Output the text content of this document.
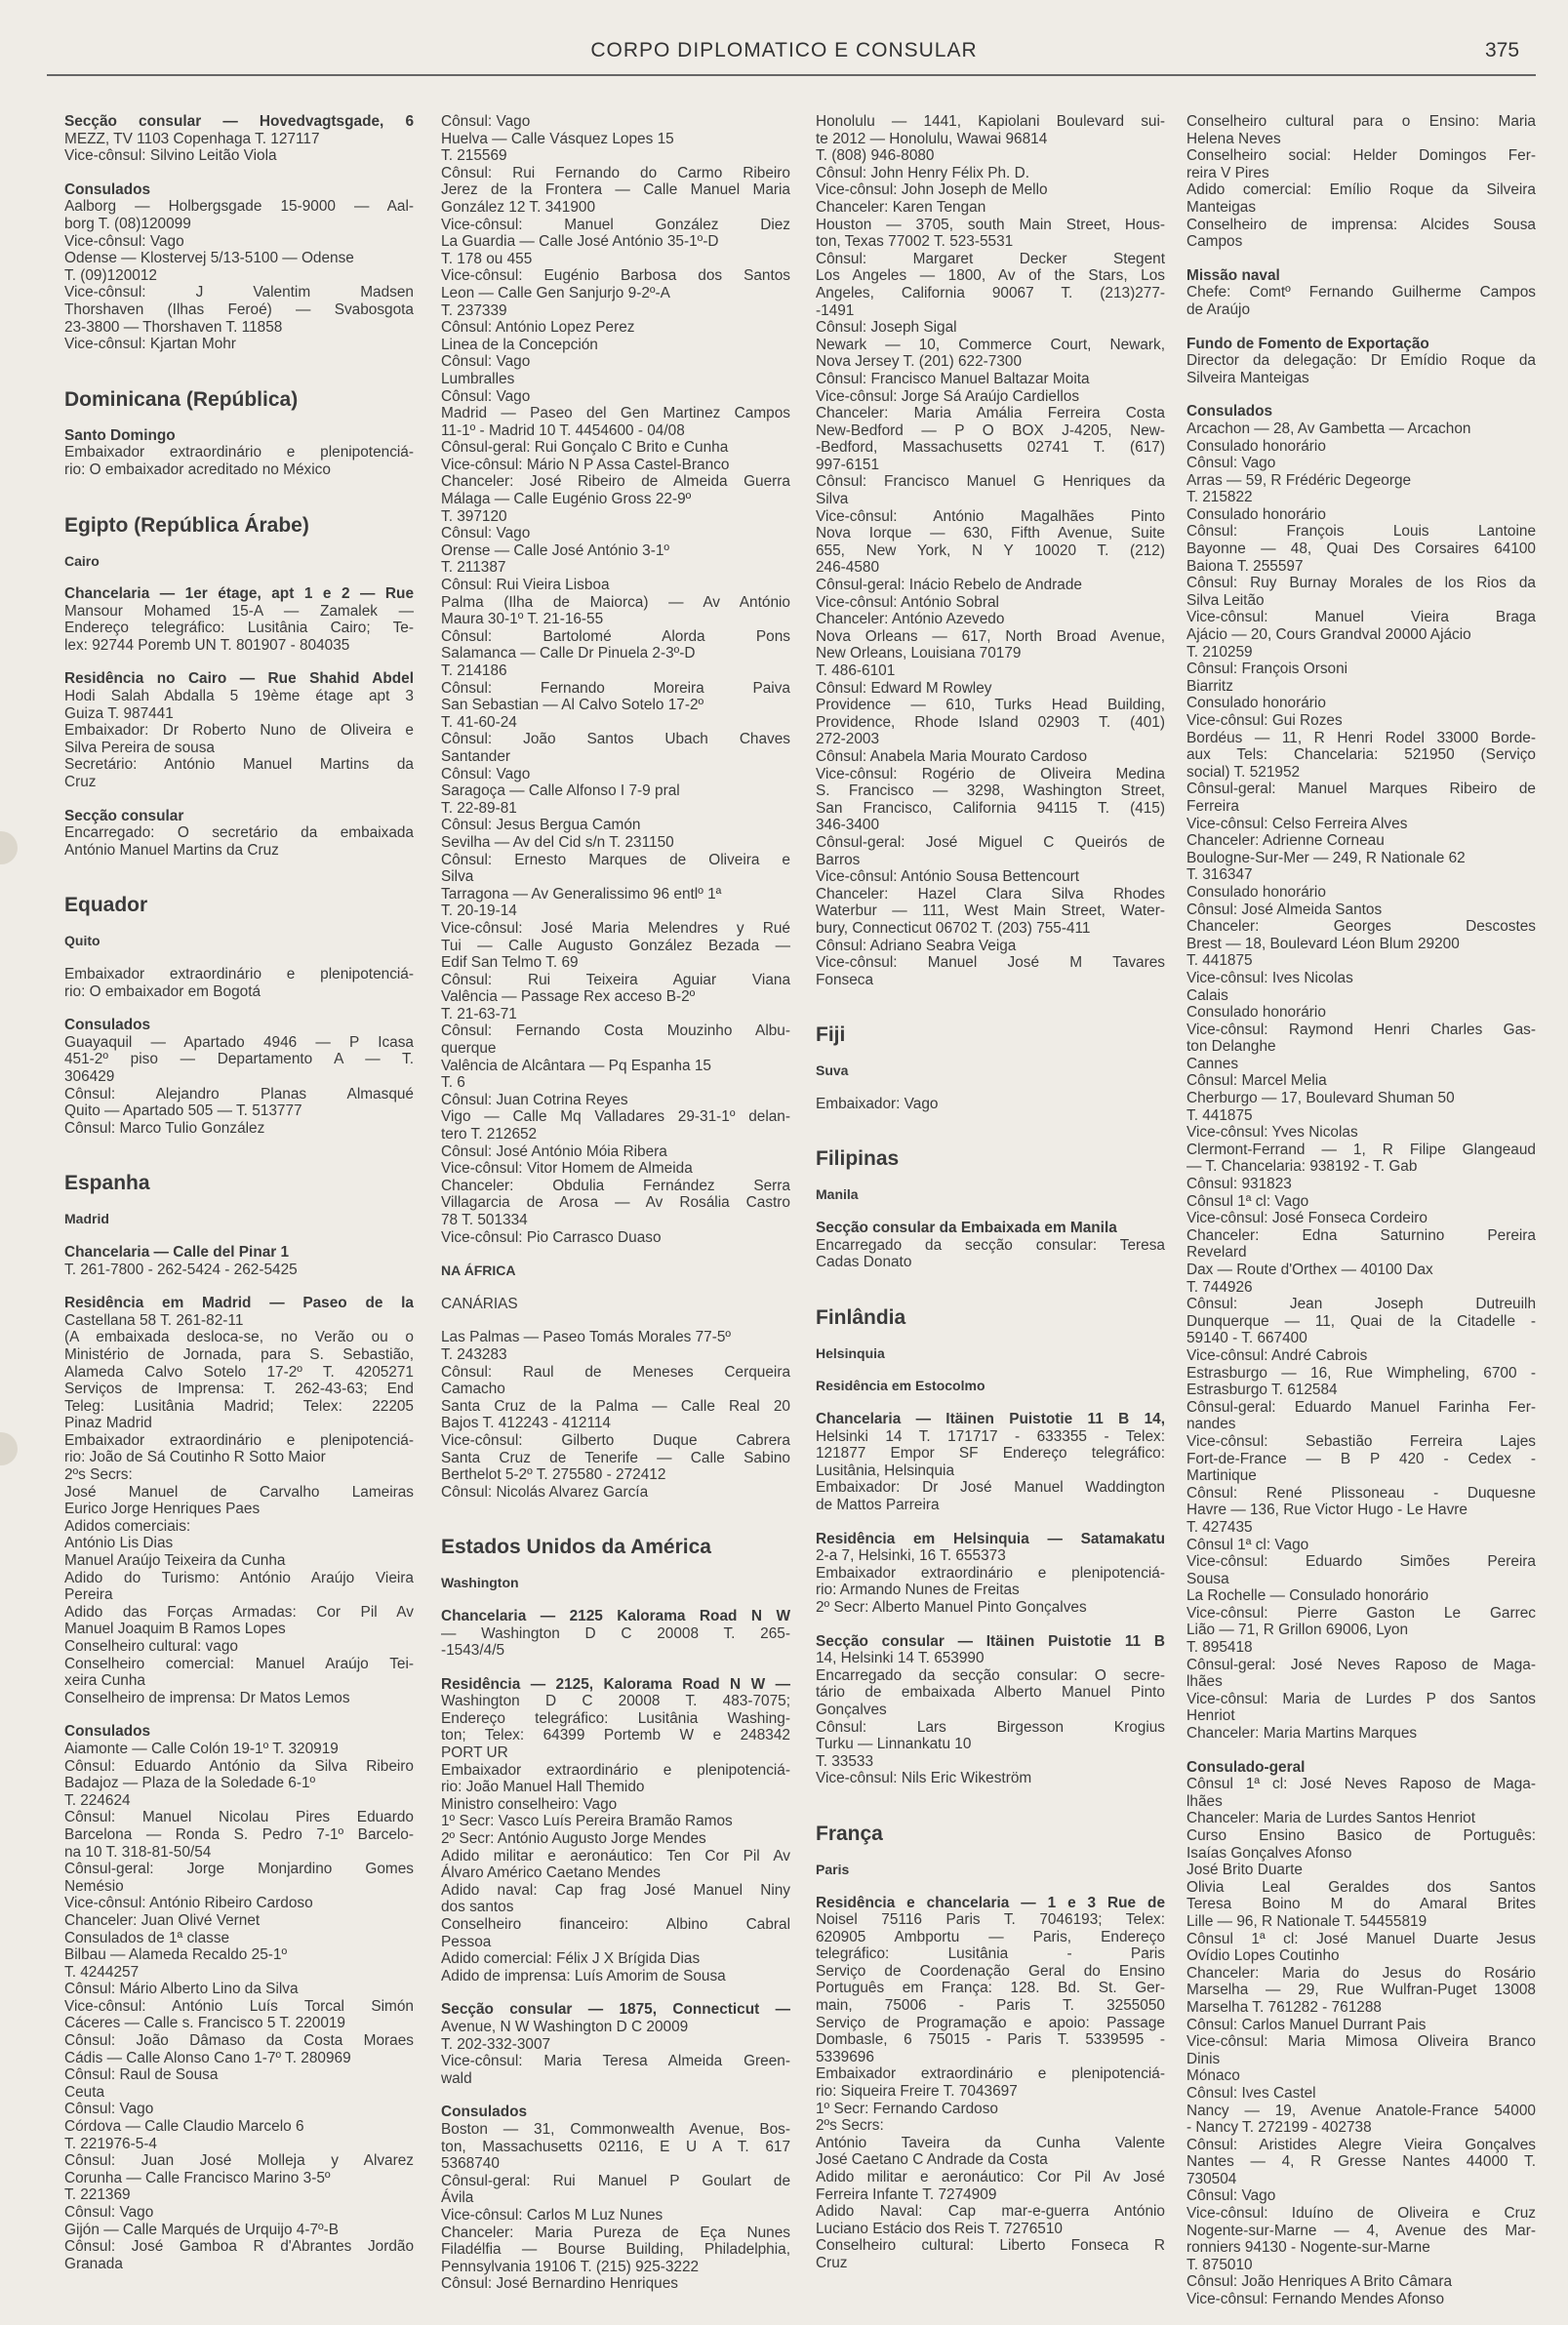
CORPO DIPLOMATICO E CONSULAR	375
Secção consular — Hovedvagtsgade, 6
MEZZ, TV 1103 Copenhaga T. 127117
Vice-cônsul: Silvino Leitão Viola
Consulados
Aalborg — Holbergsgade 15-9000 — Aal-
borg T. (08)120099
Vice-cônsul: Vago
Odense — Klostervej 5/13-5100 — Odense
T. (09)120012
Vice-cônsul: J Valentim Madsen
Thorshaven (Ilhas Feroé) — Svabosgota
23-3800 — Thorshaven T. 11858
Vice-cônsul: Kjartan Mohr
Dominicana (República)
Santo Domingo
Embaixador extraordinário e plenipotenciá-
rio: O embaixador acreditado no México
Egipto (República Árabe)
Cairo
Chancelaria — 1er étage, apt 1 e 2 — Rue
Mansour Mohamed 15-A — Zamalek —
Endereço telegráfico: Lusitânia Cairo; Te-
lex: 92744 Poremb UN T. 801907 - 804035
Residência no Cairo — Rue Shahid Abdel
Hodi Salah Abdalla 5 19ème étage apt 3
Guiza T. 987441
Embaixador: Dr Roberto Nuno de Oliveira e
Silva Pereira de sousa
Secretário: António Manuel Martins da
Cruz
Secção consular
Encarregado: O secretário da embaixada
António Manuel Martins da Cruz
Equador
Quito
Embaixador extraordinário e plenipotenciá-
rio: O embaixador em Bogotá
Consulados
Guayaquil — Apartado 4946 — P Icasa
451-2º piso — Departamento A — T.
306429
Cônsul: Alejandro Planas Almasqué
Quito — Apartado 505 — T. 513777
Cônsul: Marco Tulio González
Espanha
Madrid
Chancelaria — Calle del Pinar 1
T. 261-7800 - 262-5424 - 262-5425
Residência em Madrid — Paseo de la
Castellana 58 T. 261-82-11
(A embaixada desloca-se, no Verão ou o
Ministério de Jornada, para S. Sebastião,
Alameda Calvo Sotelo 17-2º T. 4205271
Serviços de Imprensa: T. 262-43-63; End
Teleg: Lusitânia Madrid; Telex: 22205
Pinaz Madrid
Embaixador extraordinário e plenipotenciá-
rio: João de Sá Coutinho R Sotto Maior
2ºs Secrs:
José Manuel de Carvalho Lameiras
Eurico Jorge Henriques Paes
Adidos comerciais:
António Lis Dias
Manuel Araújo Teixeira da Cunha
Adido do Turismo: António Araújo Vieira
Pereira
Adido das Forças Armadas: Cor Pil Av
Manuel Joaquim B Ramos Lopes
Conselheiro cultural: vago
Conselheiro comercial: Manuel Araújo Tei-
xeira Cunha
Conselheiro de imprensa: Dr Matos Lemos
Consulados
Aiamonte — Calle Colón 19-1º T. 320919
Cônsul: Eduardo António da Silva Ribeiro
Badajoz — Plaza de la Soledade 6-1º
T. 224624
Cônsul: Manuel Nicolau Pires Eduardo
Barcelona — Ronda S. Pedro 7-1º Barcelo-
na 10 T. 318-81-50/54
Cônsul-geral: Jorge Monjardino Gomes
Nemésio
Vice-cônsul: António Ribeiro Cardoso
Chanceler: Juan Olivé Vernet
Consulados de 1ª classe
Bilbau — Alameda Recaldo 25-1º
T. 4244257
Cônsul: Mário Alberto Lino da Silva
Vice-cônsul: António Luís Torcal Simón
Cáceres — Calle s. Francisco 5 T. 220019
Cônsul: João Dâmaso da Costa Moraes
Cádis — Calle Alonso Cano 1-7º T. 280969
Cônsul: Raul de Sousa
Ceuta
Cônsul: Vago
Córdova — Calle Claudio Marcelo 6
T. 221976-5-4
Cônsul: Juan José Molleja y Alvarez
Corunha — Calle Francisco Marino 3-5º
T. 221369
Cônsul: Vago
Gijón — Calle Marqués de Urquijo 4-7º-B
Cônsul: José Gamboa R d'Abrantes Jordão
Granada
Cônsul: Vago
Huelva — Calle Vásquez Lopes 15
T. 215569
Cônsul: Rui Fernando do Carmo Ribeiro
Jerez de la Frontera — Calle Manuel Maria
González 12 T. 341900
Vice-cônsul: Manuel González Diez
La Guardia — Calle José António 35-1º-D
T. 178 ou 455
Vice-cônsul: Eugénio Barbosa dos Santos
Leon — Calle Gen Sanjurjo 9-2º-A
T. 237339
Cônsul: António Lopez Perez
Linea de la Concepción
Cônsul: Vago
Lumbralles
Cônsul: Vago
Madrid — Paseo del Gen Martinez Campos
11-1º - Madrid 10 T. 4454600 - 04/08
Cônsul-geral: Rui Gonçalo C Brito e Cunha
Vice-cônsul: Mário N P Assa Castel-Branco
Chanceler: José Ribeiro de Almeida Guerra
Málaga — Calle Eugénio Gross 22-9º
T. 397120
Cônsul: Vago
Orense — Calle José António 3-1º
T. 211387
Cônsul: Rui Vieira Lisboa
Palma (Ilha de Maiorca) — Av António
Maura 30-1º T. 21-16-55
Cônsul: Bartolomé Alorda Pons
Salamanca — Calle Dr Pinuela 2-3º-D
T. 214186
Cônsul: Fernando Moreira Paiva
San Sebastian — Al Calvo Sotelo 17-2º
T. 41-60-24
Cônsul: João Santos Ubach Chaves
Santander
Cônsul: Vago
Saragoça — Calle Alfonso I 7-9 pral
T. 22-89-81
Cônsul: Jesus Bergua Camón
Sevilha — Av del Cid s/n T. 231150
Cônsul: Ernesto Marques de Oliveira e
Silva
Tarragona — Av Generalissimo 96 entlº 1ª
T. 20-19-14
Vice-cônsul: José Maria Melendres y Rué
Tui — Calle Augusto González Bezada —
Edif San Telmo T. 69
Cônsul: Rui Teixeira Aguiar Viana
Valência — Passage Rex acceso B-2º
T. 21-63-71
Cônsul: Fernando Costa Mouzinho Albu-
querque
Valência de Alcântara — Pq Espanha 15
T. 6
Cônsul: Juan Cotrina Reyes
Vigo — Calle Mq Valladares 29-31-1º delan-
tero T. 212652
Cônsul: José António Móia Ribera
Vice-cônsul: Vitor Homem de Almeida
Chanceler: Obdulia Fernández Serra
Villagarcia de Arosa — Av Rosália Castro
78 T. 501334
Vice-cônsul: Pio Carrasco Duaso
NA ÁFRICA
CANÁRIAS
Las Palmas — Paseo Tomás Morales 77-5º
T. 243283
Cônsul: Raul de Meneses Cerqueira
Camacho
Santa Cruz de la Palma — Calle Real 20
Bajos T. 412243 - 412114
Vice-cônsul: Gilberto Duque Cabrera
Santa Cruz de Tenerife — Calle Sabino
Berthelot 5-2º T. 275580 - 272412
Cônsul: Nicolás Alvarez García
Estados Unidos da América
Washington
Chancelaria — 2125 Kalorama Road N W
— Washington D C 20008 T. 265-
-1543/4/5
Residência — 2125, Kalorama Road N W —
Washington D C 20008 T. 483-7075;
Endereço telegráfico: Lusitânia Washing-
ton; Telex: 64399 Portemb W e 248342
PORT UR
Embaixador extraordinário e plenipotenciá-
rio: João Manuel Hall Themido
Ministro conselheiro: Vago
1º Secr: Vasco Luís Pereira Bramão Ramos
2º Secr: António Augusto Jorge Mendes
Adido militar e aeronáutico: Ten Cor Pil Av
Álvaro Américo Caetano Mendes
Adido naval: Cap frag José Manuel Niny
dos santos
Conselheiro financeiro: Albino Cabral
Pessoa
Adido comercial: Félix J X Brígida Dias
Adido de imprensa: Luís Amorim de Sousa
Secção consular — 1875, Connecticut —
Avenue, N W Washington D C 20009
T. 202-332-3007
Vice-cônsul: Maria Teresa Almeida Green-
wald
Consulados
Boston — 31, Commonwealth Avenue, Bos-
ton, Massachusetts 02116, E U A T. 617
5368740
Cônsul-geral: Rui Manuel P Goulart de
Ávila
Vice-cônsul: Carlos M Luz Nunes
Chanceler: Maria Pureza de Eça Nunes
Filadélfia — Bourse Building, Philadelphia,
Pennsylvania 19106 T. (215) 925-3222
Cônsul: José Bernardino Henriques
Honolulu — 1441, Kapiolani Boulevard sui-
te 2012 — Honolulu, Wawai 96814
T. (808) 946-8080
Cônsul: John Henry Félix Ph. D.
Vice-cônsul: John Joseph de Mello
Chanceler: Karen Tengan
Houston — 3705, south Main Street, Hous-
ton, Texas 77002 T. 523-5531
Cônsul: Margaret Decker Stegent
Los Angeles — 1800, Av of the Stars, Los
Angeles, California 90067 T. (213)277-
-1491
Cônsul: Joseph Sigal
Newark — 10, Commerce Court, Newark,
Nova Jersey T. (201) 622-7300
Cônsul: Francisco Manuel Baltazar Moita
Vice-cônsul: Jorge Sá Araújo Cardiellos
Chanceler: Maria Amália Ferreira Costa
New-Bedford — P O BOX J-4205, New-
-Bedford, Massachusetts 02741 T. (617)
997-6151
Cônsul: Francisco Manuel G Henriques da
Silva
Vice-cônsul: António Magalhães Pinto
Nova Iorque — 630, Fifth Avenue, Suite
655, New York, N Y 10020 T. (212)
246-4580
Cônsul-geral: Inácio Rebelo de Andrade
Vice-cônsul: António Sobral
Chanceler: António Azevedo
Nova Orleans — 617, North Broad Avenue,
New Orleans, Louisiana 70179
T. 486-6101
Cônsul: Edward M Rowley
Providence — 610, Turks Head Building,
Providence, Rhode Island 02903 T. (401)
272-2003
Cônsul: Anabela Maria Mourato Cardoso
Vice-cônsul: Rogério de Oliveira Medina
S. Francisco — 3298, Washington Street,
San Francisco, California 94115 T. (415)
346-3400
Cônsul-geral: José Miguel C Queirós de
Barros
Vice-cônsul: António Sousa Bettencourt
Chanceler: Hazel Clara Silva Rhodes
Waterbur — 111, West Main Street, Water-
bury, Connecticut 06702 T. (203) 755-411
Cônsul: Adriano Seabra Veiga
Vice-cônsul: Manuel José M Tavares
Fonseca
Fiji
Suva
Embaixador: Vago
Filipinas
Manila
Secção consular da Embaixada em Manila
Encarregado da secção consular: Teresa
Cadas Donato
Finlândia
Helsinquia
Residência em Estocolmo
Chancelaria — Itäinen Puistotie 11 B 14,
Helsinki 14 T. 171717 - 633355 - Telex:
121877 Empor SF Endereço telegráfico:
Lusitânia, Helsinquia
Embaixador: Dr José Manuel Waddington
de Mattos Parreira
Residência em Helsinquia — Satamakatu
2-a 7, Helsinki, 16 T. 655373
Embaixador extraordinário e plenipotenciá-
rio: Armando Nunes de Freitas
2º Secr: Alberto Manuel Pinto Gonçalves
Secção consular — Itäinen Puistotie 11 B
14, Helsinki 14 T. 653990
Encarregado da secção consular: O secre-
tário de embaixada Alberto Manuel Pinto
Gonçalves
Cônsul: Lars Birgesson Krogius
Turku — Linnankatu 10
T. 33533
Vice-cônsul: Nils Eric Wikeström
França
Paris
Residência e chancelaria — 1 e 3 Rue de
Noisel 75116 Paris T. 7046193; Telex:
620905 Ambportu — Paris, Endereço
telegráfico: Lusitânia - Paris
Serviço de Coordenação Geral do Ensino
Português em França: 128. Bd. St. Ger-
main, 75006 - Paris T. 3255050
Serviço de Programação e apoio: Passage
Dombasle, 6 75015 - Paris T. 5339595 -
5339696
Embaixador extraordinário e plenipotenciá-
rio: Siqueira Freire T. 7043697
1º Secr: Fernando Cardoso
2ºs Secrs:
António Taveira da Cunha Valente
José Caetano C Andrade da Costa
Adido militar e aeronáutico: Cor Pil Av José
Ferreira Infante T. 7274909
Adido Naval: Cap mar-e-guerra António
Luciano Estácio dos Reis T. 7276510
Conselheiro cultural: Liberto Fonseca R
Cruz
Conselheiro cultural para o Ensino: Maria
Helena Neves
Conselheiro social: Helder Domingos Fer-
reira V Pires
Adido comercial: Emílio Roque da Silveira
Manteigas
Conselheiro de imprensa: Alcides Sousa
Campos
Missão naval
Chefe: Comtº Fernando Guilherme Campos
de Araújo
Fundo de Fomento de Exportação
Director da delegação: Dr Emídio Roque da
Silveira Manteigas
Consulados
Arcachon — 28, Av Gambetta — Arcachon
Consulado honorário
Cônsul: Vago
Arras — 59, R Frédéric Degeorge
T. 215822
Consulado honorário
Cônsul: François Louis Lantoine
Bayonne — 48, Quai Des Corsaires 64100
Baiona T. 255597
Cônsul: Ruy Burnay Morales de los Rios da
Silva Leitão
Vice-cônsul: Manuel Vieira Braga
Ajácio — 20, Cours Grandval 20000 Ajácio
T. 210259
Cônsul: François Orsoni
Biarritz
Consulado honorário
Vice-cônsul: Gui Rozes
Bordéus — 11, R Henri Rodel 33000 Borde-
aux Tels: Chancelaria: 521950 (Serviço
social) T. 521952
Cônsul-geral: Manuel Marques Ribeiro de
Ferreira
Vice-cônsul: Celso Ferreira Alves
Chanceler: Adrienne Corneau
Boulogne-Sur-Mer — 249, R Nationale 62
T. 316347
Consulado honorário
Cônsul: José Almeida Santos
Chanceler: Georges Descostes
Brest — 18, Boulevard Léon Blum 29200
T. 441875
Vice-cônsul: Ives Nicolas
Calais
Consulado honorário
Vice-cônsul: Raymond Henri Charles Gas-
ton Delanghe
Cannes
Cônsul: Marcel Melia
Cherburgo — 17, Boulevard Shuman 50
T. 441875
Vice-cônsul: Yves Nicolas
Clermont-Ferrand — 1, R Filipe Glangeaud
— T. Chancelaria: 938192 - T. Gab
Cônsul: 931823
Cônsul 1ª cl: Vago
Vice-cônsul: José Fonseca Cordeiro
Chanceler: Edna Saturnino Pereira
Revelard
Dax — Route d'Orthex — 40100 Dax
T. 744926
Cônsul: Jean Joseph Dutreuilh
Dunquerque — 11, Quai de la Citadelle -
59140 - T. 667400
Vice-cônsul: André Cabrois
Estrasburgo — 16, Rue Wimpheling, 6700 -
Estrasburgo T. 612584
Cônsul-geral: Eduardo Manuel Farinha Fer-
nandes
Vice-cônsul: Sebastião Ferreira Lajes
Fort-de-France — B P 420 - Cedex -
Martinique
Cônsul: René Plissoneau - Duquesne
Havre — 136, Rue Victor Hugo - Le Havre
T. 427435
Cônsul 1ª cl: Vago
Vice-cônsul: Eduardo Simões Pereira
Sousa
La Rochelle — Consulado honorário
Vice-cônsul: Pierre Gaston Le Garrec
Lião — 71, R Grillon 69006, Lyon
T. 895418
Cônsul-geral: José Neves Raposo de Maga-
lhães
Vice-cônsul: Maria de Lurdes P dos Santos
Henriot
Chanceler: Maria Martins Marques
Consulado-geral
Cônsul 1ª cl: José Neves Raposo de Maga-
lhães
Chanceler: Maria de Lurdes Santos Henriot
Curso Ensino Basico de Português:
Isaías Gonçalves Afonso
José Brito Duarte
Olivia Leal Geraldes dos Santos
Teresa Boino M do Amaral Brites
Lille — 96, R Nationale T. 54455819
Cônsul 1ª cl: José Manuel Duarte Jesus
Ovídio Lopes Coutinho
Chanceler: Maria do Jesus do Rosário
Marselha — 29, Rue Wulfran-Puget 13008
Marselha T. 761282 - 761288
Cônsul: Carlos Manuel Durrant Pais
Vice-cônsul: Maria Mimosa Oliveira Branco
Dinis
Mónaco
Cônsul: Ives Castel
Nancy — 19, Avenue Anatole-France 54000
- Nancy T. 272199 - 402738
Cônsul: Aristides Alegre Vieira Gonçalves
Nantes — 4, R Gresse Nantes 44000 T.
730504
Cônsul: Vago
Vice-cônsul: Iduíno de Oliveira e Cruz
Nogente-sur-Marne — 4, Avenue des Mar-
ronniers 94130 - Nogente-sur-Marne
T. 875010
Cônsul: João Henriques A Brito Câmara
Vice-cônsul: Fernando Mendes Afonso
